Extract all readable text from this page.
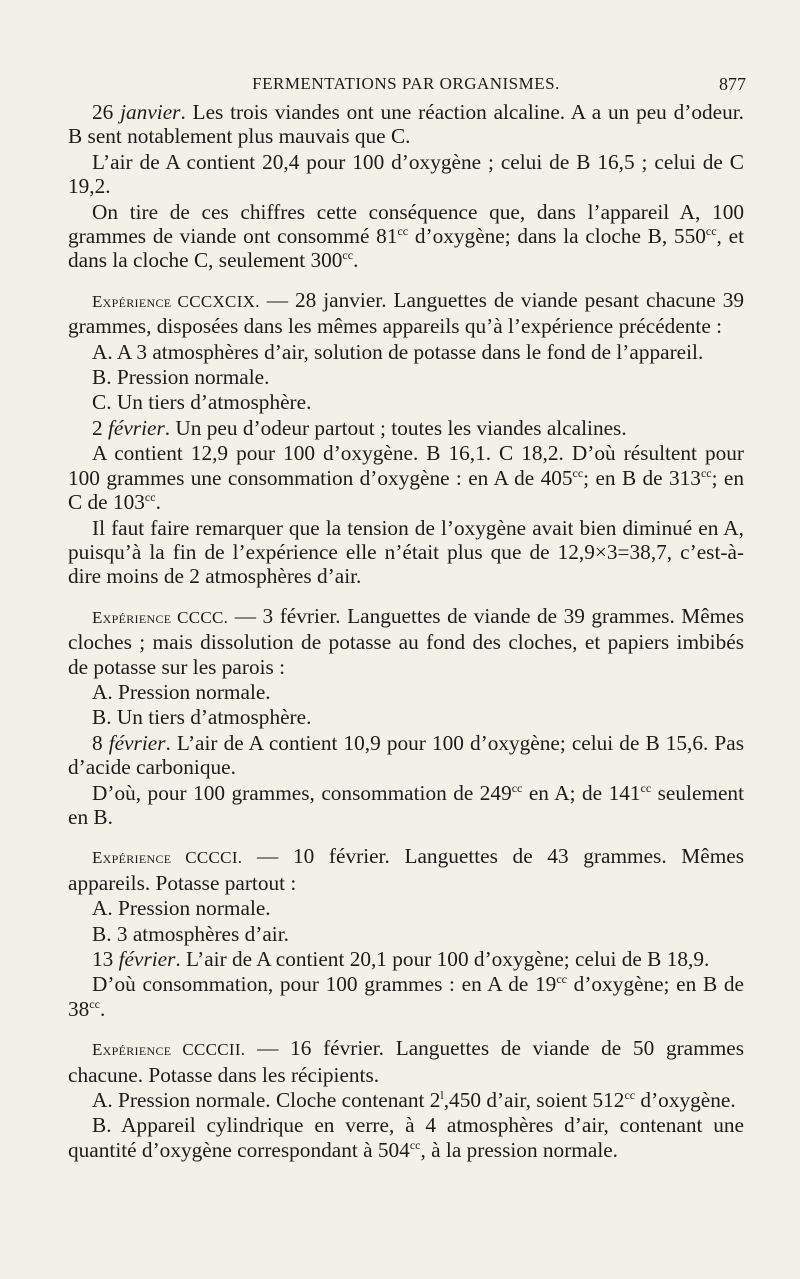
FERMENTATIONS PAR ORGANISMES.	877

26 janvier. Les trois viandes ont une réaction alcaline. A a un peu d’odeur. B sent notablement plus mauvais que C.

L’air de A contient 20,4 pour 100 d’oxygène ; celui de B 16,5 ; celui de C 19,2.

On tire de ces chiffres cette conséquence que, dans l’appareil A, 100 grammes de viande ont consommé $81^{cc}$ d’oxygène; dans la cloche B, $550^{cc}$, et dans la cloche C, seulement $300^{cc}$.

Expérience CCCXCIX. — 28 janvier. Languettes de viande pesant chacune 39 grammes, disposées dans les mêmes appareils qu’à l’expérience précédente :

A. A 3 atmosphères d’air, solution de potasse dans le fond de l’appareil.

B. Pression normale.

C. Un tiers d’atmosphère.

2 février. Un peu d’odeur partout ; toutes les viandes alcalines.

A contient 12,9 pour 100 d’oxygène. B 16,1. C 18,2. D’où résultent pour 100 grammes une consommation d’oxygène : en A de $405^{cc}$; en B de $313^{cc}$; en C de $103^{cc}$.

Il faut faire remarquer que la tension de l’oxygène avait bien diminué en A, puisqu’à la fin de l’expérience elle n’était plus que de 12,9×3=38,7, c’est-à-dire moins de 2 atmosphères d’air.

Expérience CCCC. — 3 février. Languettes de viande de 39 grammes. Mêmes cloches ; mais dissolution de potasse au fond des cloches, et papiers imbibés de potasse sur les parois :

A. Pression normale.

B. Un tiers d’atmosphère.

8 février. L’air de A contient 10,9 pour 100 d’oxygène; celui de B 15,6. Pas d’acide carbonique.

D’où, pour 100 grammes, consommation de $249^{cc}$ en A; de $141^{cc}$ seulement en B.

Expérience CCCCI. — 10 février. Languettes de 43 grammes. Mêmes appareils. Potasse partout :

A. Pression normale.

B. 3 atmosphères d’air.

13 février. L’air de A contient 20,1 pour 100 d’oxygène; celui de B 18,9.

D’où consommation, pour 100 grammes : en A de $19^{cc}$ d’oxygène; en B de $38^{cc}$.

Expérience CCCCII. — 16 février. Languettes de viande de 50 grammes chacune. Potasse dans les récipients.

A. Pression normale. Cloche contenant 2$^l$,450 d’air, soient $512^{cc}$ d’oxygène.

B. Appareil cylindrique en verre, à 4 atmosphères d’air, contenant une quantité d’oxygène correspondant à $504^{cc}$, à la pression normale.
